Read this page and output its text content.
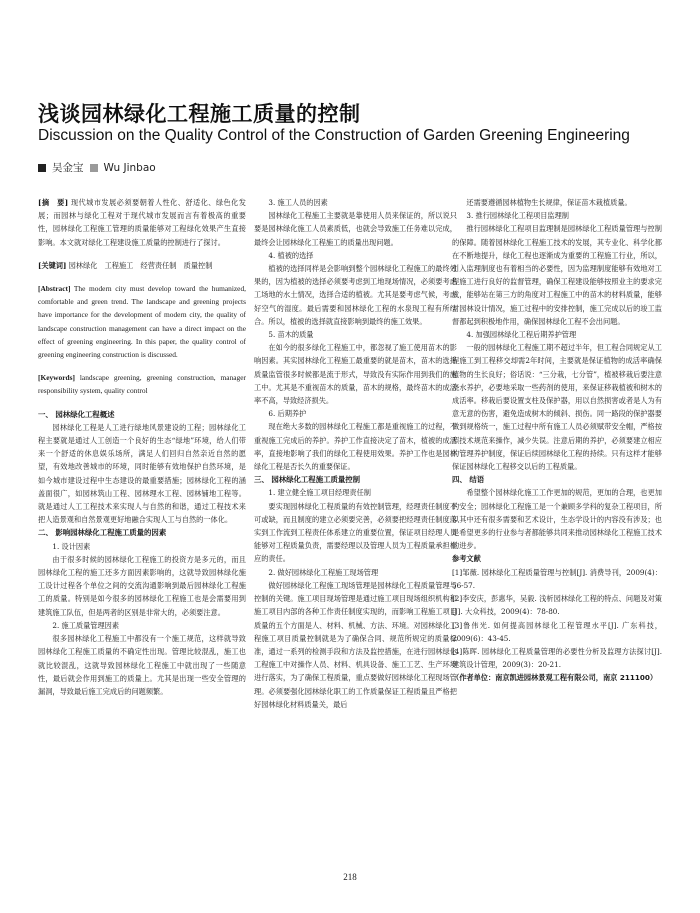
浅谈园林绿化工程施工质量的控制
Discussion on the Quality Control of the Construction of Garden Greening Engineering
吴金宝 Wu Jinbao

[摘　要] 现代城市发展必须要朝着人性化、舒适化、绿色化发展；而园林与绿化工程对于现代城市发展而言有着极高的重要性，园林绿化工程施工管理的质量能够对工程绿化效果产生直接影响。本文就对绿化工程建设施工质量的控制进行了探讨。

[关键词] 园林绿化　工程施工　经营责任制　质量控制

[Abstract] The modern city must develop toward the humanized, comfortable and green trend. The landscape and greening projects have importance for the development of modern city, the quality of landscape construction management can have a direct impact on the effect of greening engineering. In this paper, the quality control of greening engineering construction is discussed.

[Keywords] landscape greening, greening construction, manager responsibility system, quality control

一、 园林绿化工程概述

园林绿化工程是人工进行绿地风景建设的工程；园林绿化工程主要就是通过人工创造一个良好的生态“绿地”环境，给人们带来一个舒适的休息娱乐场所，满足人们回归自然亲近自然的愿望，有效地改善城市的环境，同时能够有效地保护自然环境，是如今城市建设过程中生态建设的最重要措施；园林绿化工程的涵盖面很广，如园林筑山工程、园林理水工程、园林铺地工程等。就是通过人工工程技术来实现人与自然的和谐，通过工程技术来把人造景观和自然景观更好地融合实现人工与自然的一体化。

二、 影响园林绿化工程施工质量的因素

1. 设计因素

由于很多时候的园林绿化工程施工的投资方是多元的，而且园林绿化工程的施工还多方面因素影响的，这就导致园林绿化施工设计过程各个单位之间的交流沟通影响到最后园林绿化工程施工的质量。特别是如今很多的园林绿化工程施工也是会需要用到建筑施工队伍，但是两者的区别是非常大的，必须要注意。

2. 施工质量管理因素

很多园林绿化工程施工中都没有一个施工规范，这样就导致园林绿化工程施工质量的不确定性出现。管理比较混乱，施工也就比较混乱，这就导致园林绿化工程施工中就出现了一些随意性，最后就会作用到施工的质量上。尤其是出现一些安全管理的漏洞，导致最后施工完成后的问题频繁。

3. 施工人员的因素

园林绿化工程施工主要就是靠使用人员来保证的，所以说只要是园林绿化施工人员素质低，也就会导致施工任务难以完成，最终会让园林绿化工程施工的质量出现问题。

4. 植被的选择

植被的选择同样是会影响到整个园林绿化工程施工的最终效果的，因为植被的选择必须要考虑到工地现场情况，必须要考虑工场地的水土情况，选择合适的植被。尤其是要考虑气候，考虑好空气的湿度。最后需要和园林绿化工程的水泉现工程有所结合。所以，植被的选择就直接影响到最终的施工效果。

5. 苗木的质量

在如今的很多绿化工程施工中，都忽视了施工使用苗木的影响因素。其实园林绿化工程施工最重要的就是苗木，苗木的选择质量监管很多时候都是流于形式，导致没有实际作用到我们的施工中。尤其是不重视苗木的质量，苗木的规格，最终苗木的成活率不高，导致经济损失。

6. 后期养护

现在绝大多数的园林绿化工程施工都是重视施工的过程，不重视施工完成后的养护。养护工作直接决定了苗木，植被的成活率，直接地影响了我们的绿化工程使用效果。养护工作也是园林绿化工程是否长久的重要保证。

三、 园林绿化工程施工质量控制

1. 建立健全施工项目经理责任制

要实现园林绿化工程质量的有效控制管理，经理责任制度不可或缺，而且制度的建立必须要完善，必须要把经理责任制度落实到工作流到工程责任体系建立的重要位置，保证项目经理人员能够对工程质量负责，需要经理以及管理人员为工程质量承担相应的责任。

2. 做好园林绿化工程施工现场管理

做好园林绿化工程施工现场管理是园林绿化工程质量管理与控制的关键。施工项目现场管理是通过施工项目现场组织机构和施工项目内部的各种工作责任制度实现的，而影响工程施工项目质量的五个方面是人、材料、机械、方法、环境。对园林绿化工程施工项目质量控制就是为了确保合同、规范所规定的质量标准，通过一系列的检测手段和方法及监控措施，在进行园林绿化工程施工中对操作人员、材料、机具设备、施工工艺、生产环境进行落实，为了确保工程质量，重点要做好园林绿化工程现场管理。必须要强化园林绿化职工的工作质量保证工程质量且严格把好园林绿化材料质量关，最后

还需要遵循园林植物生长规律，保证苗木栽植质量。

3. 推行园林绿化工程项目监理制

推行园林绿化工程项目监理制是园林绿化工程质量管理与控制的保障。随着园林绿化工程施工技术的发展，其专业化、科学化都在不断地提升，绿化工程也逐渐成为重要的工程施工行业，所以，引入监理制度也有着相当的必要性，因为监理制度能够有效地对工程施工进行良好的监督管理，确保工程建设能够按照业主的要求完成，能够站在第三方的角度对工程施工中的苗木的材料质量，能够对园林设计情况，施工过程中的安排控制，施工完成以后的竣工监督都起到积极地作用，确保园林绿化工程不会出问题。

4. 加强园林绿化工程后期养护管理

一般的园林绿化工程施工期不超过半年，但工程合同规定从工程施工到工程移交却需2年时间，主要就是保证植物的成活率确保植物的生长良好；俗话说：“三分栽，七分管”，植被移栽后要注意浇水养护，必要地采取一些药剂的使用，来保证移栽植被和树木的成活率。移栽后要设置支柱及保护器，用以自然损害或者是人为有意无意的伤害，避免造成树木的倾斜、损伤。同一路段的保护器要做到规格统一，施工过程中所有施工人员必须赋带安全帽，严格按照技术规范来操作，减少失误。注意后期的养护，必须要建立相应的管理养护制度，保证后续园林绿化工程的持续。只有这样才能够保证园林绿化工程移交以后的工程质量。

四、 结语

希望整个园林绿化施工工作更加的规范，更加的合理，也更加的安全；园林绿化工程施工是一个兼顾多学科的复杂工程项目，所以其中还有很多需要和艺术设计，生态学设计的内容没有涉及；也是希望更多的行业参与者都能够共同来推动园林绿化工程施工技术的进步。

参考文献

[1]邹薇. 园林绿化工程质量管理与控制[J]. 消费导刊，2009(4)：56-57.

[2]李安庆，彭惠华，吴毅. 浅析园林绿化工程的特点、问题及对策[J]. 大众科技，2009(4)：78-80.

[3]鲁伟光. 如何提高园林绿化工程管理水平[J]. 广东科技，2009(6)：43-45.

[4]陈晖. 园林绿化工程质量管理的必要性分析及监理方法探讨[J]. 建筑设计管理，2009(3)：20-21.

（作者单位：南京凯进园林景观工程有限公司，南京 211100）

218
